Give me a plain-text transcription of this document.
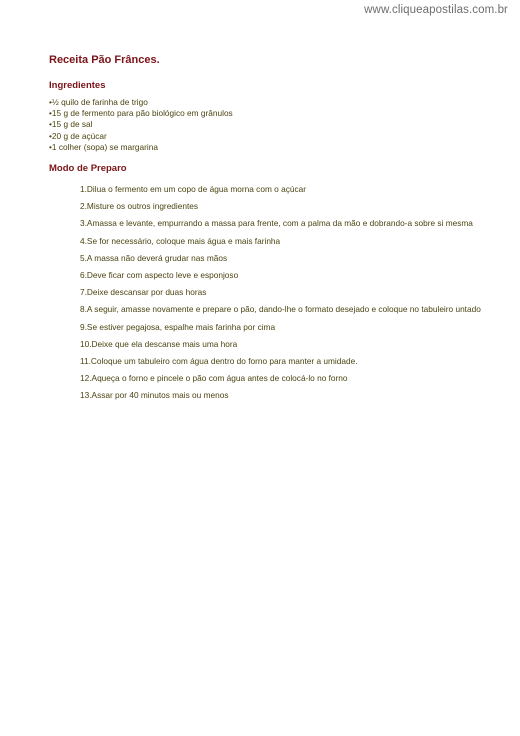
www.cliqueapostilas.com.br
Receita Pão Frânces.
Ingredientes
•½ quilo de farinha de trigo
•15 g de fermento para pão biológico em grânulos
•15 g de sal
•20 g de açúcar
•1 colher (sopa) se margarina
Modo de Preparo
1.Dilua o fermento em um copo de água morna com o açúcar
2.Misture os outros ingredientes
3.Amassa e levante, empurrando a massa para frente, com a palma da mão e dobrando-a sobre si mesma
4.Se for necessário, coloque mais água e mais farinha
5.A massa não deverá grudar nas mãos
6.Deve ficar com aspecto leve e esponjoso
7.Deixe descansar por duas horas
8.A seguir, amasse novamente e prepare o pão, dando-lhe o formato desejado e coloque no tabuleiro untado
9.Se estiver pegajosa, espalhe mais farinha por cima
10.Deixe que ela descanse mais uma hora
11.Coloque um tabuleiro com água dentro do forno para manter a umidade.
12.Aqueça o forno e pincele o pão com água antes de colocá-lo no forno
13.Assar por 40 minutos mais ou menos
